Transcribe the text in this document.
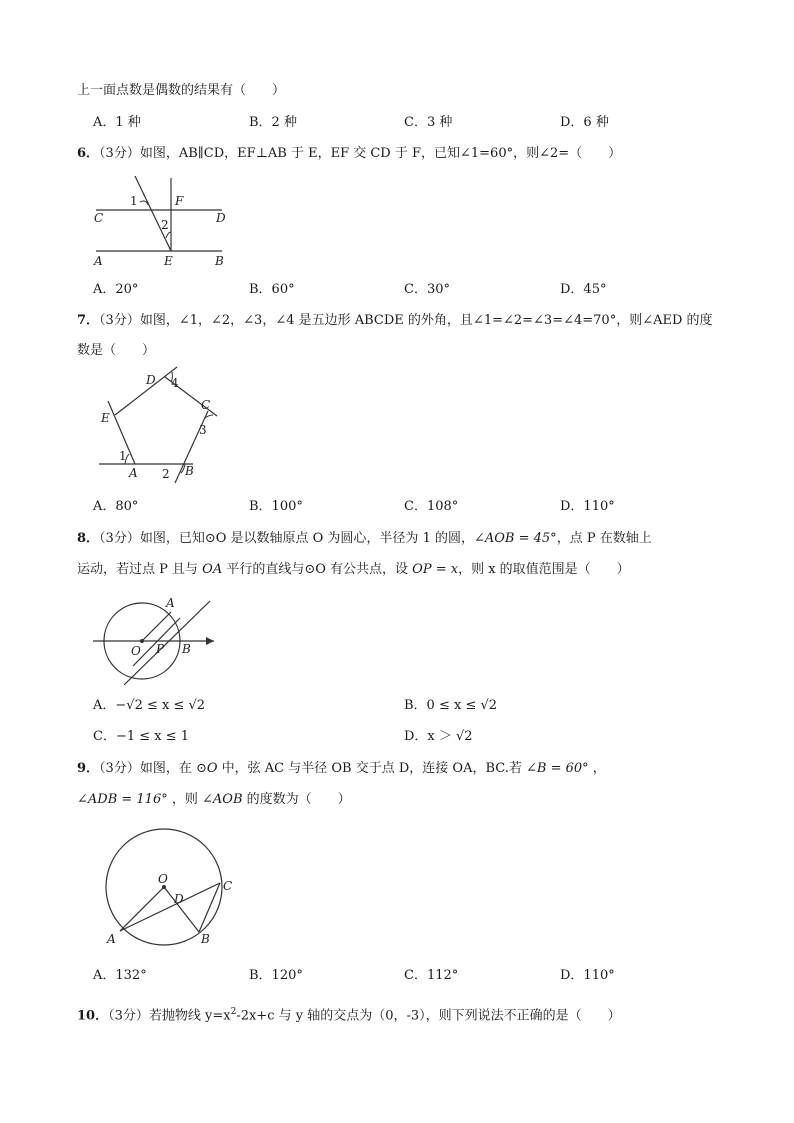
上一面点数是偶数的结果有（　　）
A．1 种	B．2 种	C．3 种	D．6 种
6．（3分）如图，AB∥CD，EF⊥AB 于 E，EF 交 CD 于 F，已知∠1=60°，则∠2=（　　）
1
2
F
C	D
A	E	B
A．20°	B．60°	C．30°	D．45°
7．（3分）如图，∠1，∠2，∠3，∠4 是五边形 ABCDE 的外角，且∠1=∠2=∠3=∠4=70°，则∠AED 的度
数是（　　）
1
2
3
4
A	B
C
D
E
A．80°	B．100°	C．108°	D．110°
8．（3分）如图，已知⊙O 是以数轴原点 O 为圆心，半径为 1 的圆，∠AOB = 45°，点 P 在数轴上
运动，若过点 P 且与 OA 平行的直线与⊙O 有公共点，设 OP = x，则 x 的取值范围是（　　）
A
O P B
A．−√2 ≤ x ≤ √2	B．0 ≤ x ≤ √2
C．−1 ≤ x ≤ 1	D．x ＞ √2
9．（3分）如图，在 ⊙O 中，弦 AC 与半径 OB 交于点 D，连接 OA，BC.若 ∠B = 60° ，
∠ADB = 116° ，则 ∠AOB 的度数为（　　）
O
D
A	B
C
A．132°	B．120°	C．112°	D．110°
10．（3分）若抛物线 $y=x^2-2x+c$ 与 y 轴的交点为（0，-3），则下列说法不正确的是（　　）
